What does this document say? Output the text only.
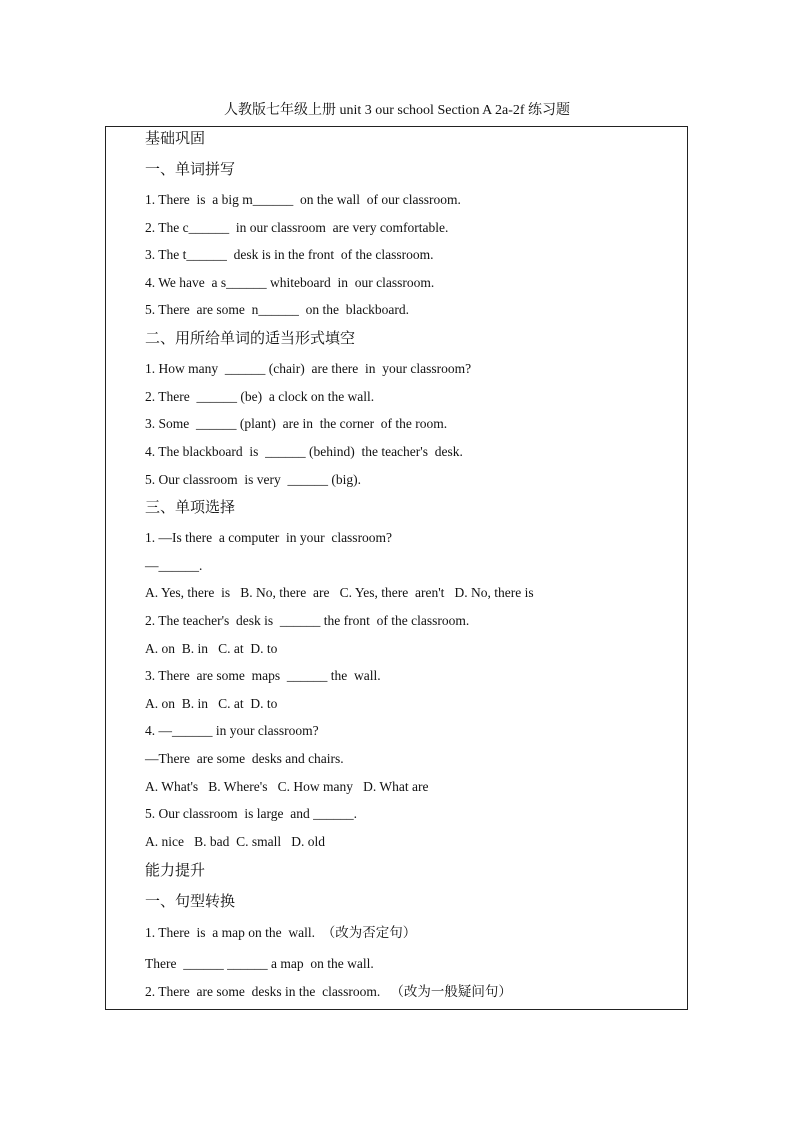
人教版七年级上册 unit 3 our school Section A 2a-2f 练习题
基础巩固
一、单词拼写
1. There  is  a big m______  on the wall  of our classroom.
2. The c______  in our classroom  are very comfortable.
3. The t______  desk is in the front  of the classroom.
4. We have  a s______ whiteboard  in  our classroom.
5. There  are some  n______  on the  blackboard.
二、用所给单词的适当形式填空
1. How many  ______ (chair)  are there  in  your classroom?
2. There  ______ (be)  a clock on the wall.
3. Some  ______ (plant)  are in  the corner  of the room.
4. The blackboard  is  ______ (behind)  the teacher's  desk.
5. Our classroom  is very  ______ (big).
三、单项选择
1. —Is there  a computer  in your  classroom?
—______.
A. Yes, there  is   B. No, there  are   C. Yes, there  aren't   D. No, there is
2. The teacher's  desk is  ______ the front  of the classroom.
A. on  B. in   C. at  D. to
3. There  are some  maps  ______ the  wall.
A. on  B. in   C. at  D. to
4. —______ in your classroom?
—There  are some  desks and chairs.
A. What's   B. Where's   C. How many   D. What are
5. Our classroom  is large  and ______.
A. nice   B. bad  C. small   D. old
能力提升
一、句型转换
1. There  is  a map on the  wall.  （改为否定句）
There  ______ ______ a map  on the wall.
2. There  are some  desks in the  classroom.   （改为一般疑问句）
